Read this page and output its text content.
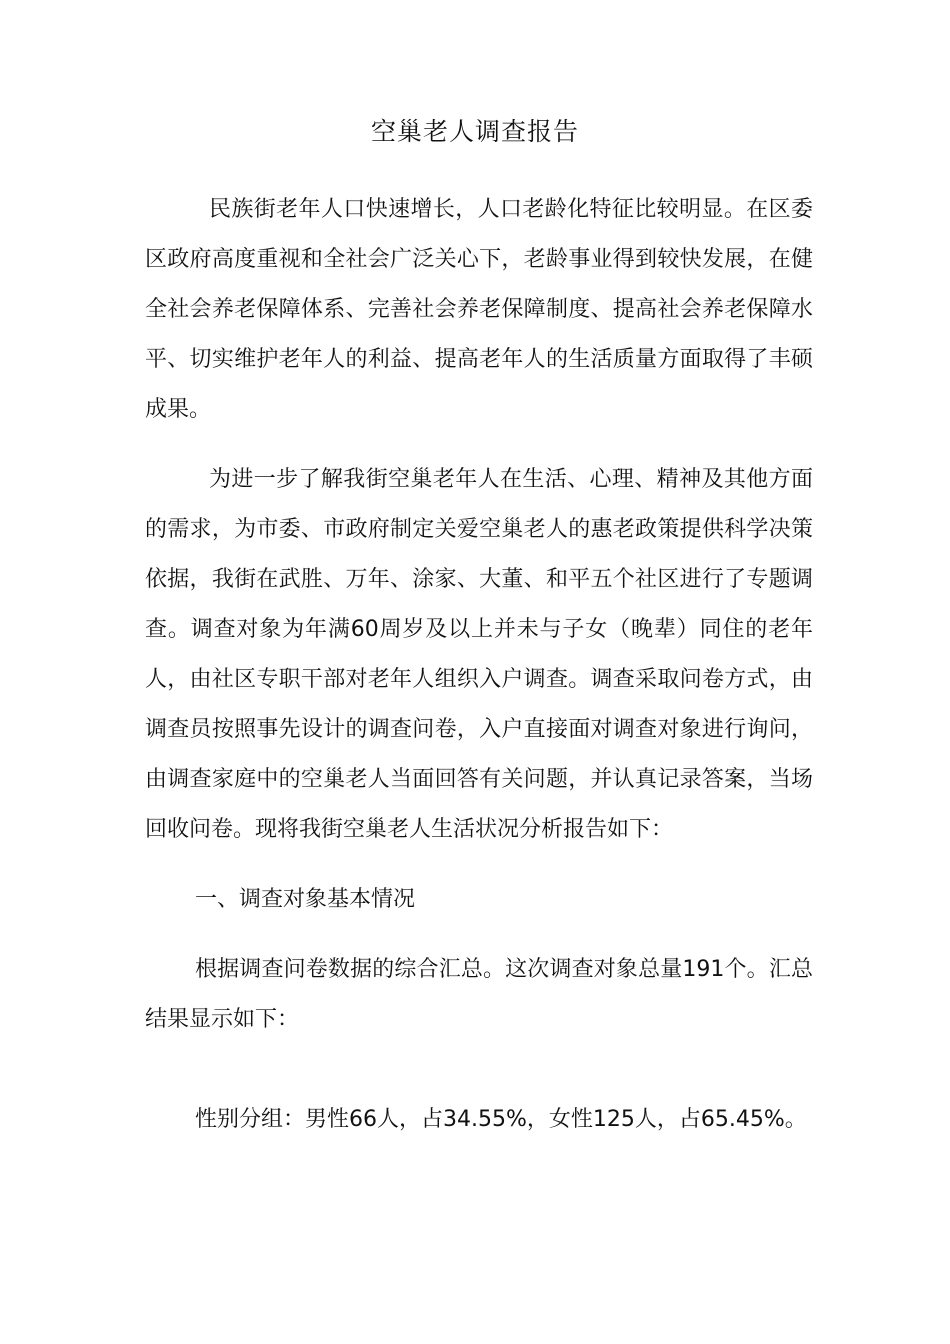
空巢老人调查报告

民族街老年人口快速增长，人口老龄化特征比较明显。在区委区政府高度重视和全社会广泛关心下，老龄事业得到较快发展，在健全社会养老保障体系、完善社会养老保障制度、提高社会养老保障水平、切实维护老年人的利益、提高老年人的生活质量方面取得了丰硕成果。

为进一步了解我街空巢老年人在生活、心理、精神及其他方面的需求，为市委、市政府制定关爱空巢老人的惠老政策提供科学决策依据，我街在武胜、万年、涂家、大董、和平五个社区进行了专题调查。调查对象为年满60周岁及以上并未与子女（晚辈）同住的老年人，由社区专职干部对老年人组织入户调查。调查采取问卷方式，由调查员按照事先设计的调查问卷，入户直接面对调查对象进行询问，由调查家庭中的空巢老人当面回答有关问题，并认真记录答案，当场回收问卷。现将我街空巢老人生活状况分析报告如下：

一、调查对象基本情况

根据调查问卷数据的综合汇总。这次调查对象总量191个。汇总结果显示如下：

性别分组：男性66人，占34.55%，女性125人，占65.45%。
